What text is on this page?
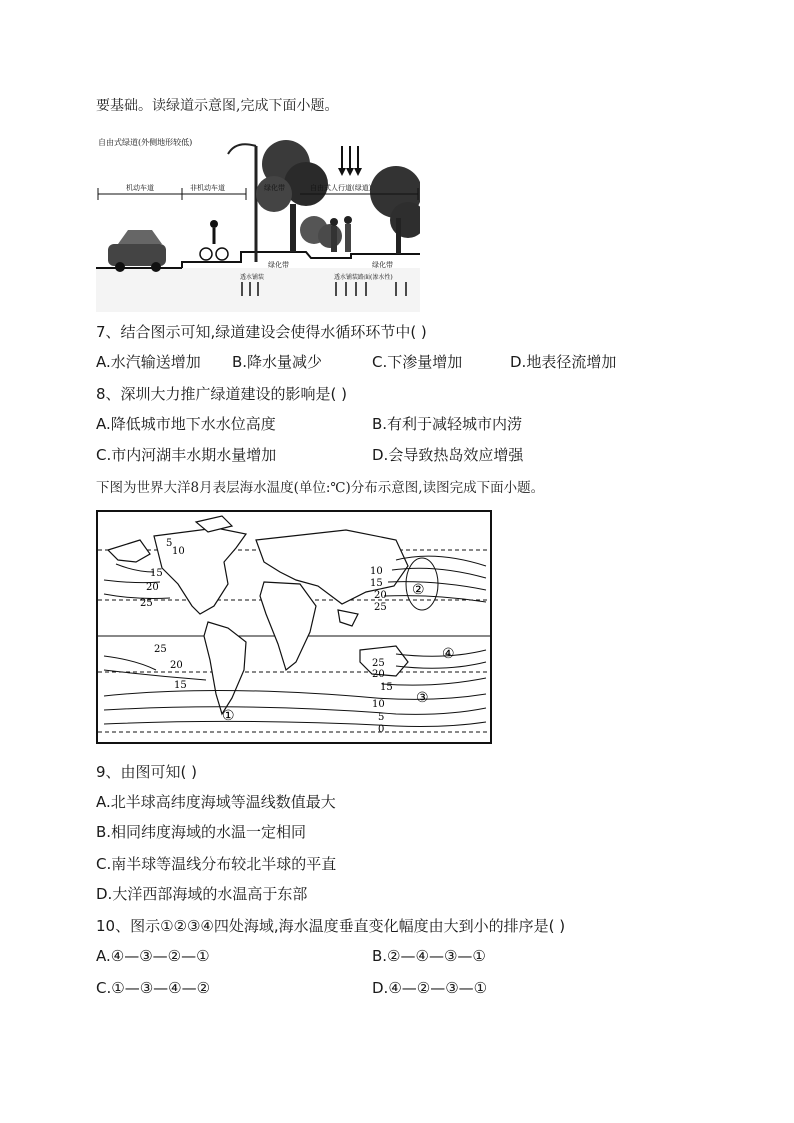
要基础。读绿道示意图,完成下面小题。
自由式绿道(外侧地形较低)
机动车道	非机动车道	绿化带	自由式人行道(绿道)
绿化带	绿化带
透水铺装	透水铺装路面(渗水性)
7、结合图示可知,绿道建设会使得水循环环节中( )
A.水汽输送增加 B.降水量减少	C.下渗量增加	D.地表径流增加
8、深圳大力推广绿道建设的影响是( )
A.降低城市地下水水位高度	B.有利于减轻城市内涝
C.市内河湖丰水期水量增加	D.会导致热岛效应增强
下图为世界大洋8月表层海水温度(单位:℃)分布示意图,读图完成下面小题。
5
10
15
20
25
10
15
20
25
25
20
15
25
20
15
10
5
0
①
②
③
④
9、由图可知( )
A.北半球高纬度海域等温线数值最大
B.相同纬度海域的水温一定相同
C.南半球等温线分布较北半球的平直
D.大洋西部海域的水温高于东部
10、图示①②③④四处海域,海水温度垂直变化幅度由大到小的排序是( )
A.④—③—②—①	B.②—④—③—①
C.①—③—④—②	D.④—②—③—①
